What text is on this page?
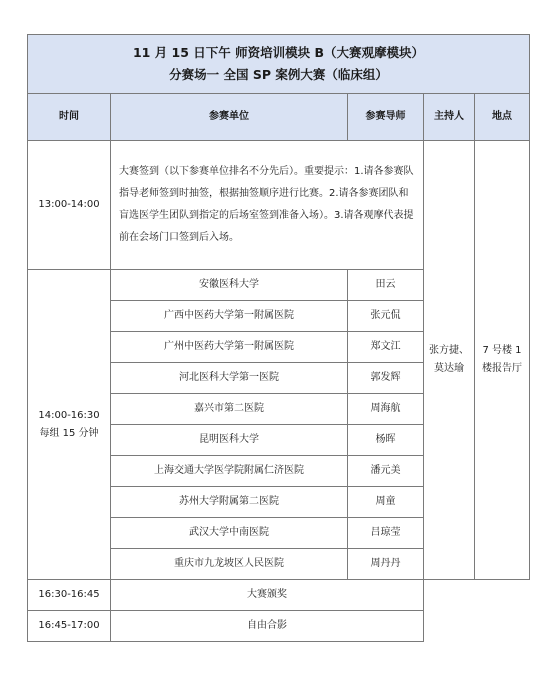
11 月 15 日下午 师资培训模块 B（大赛观摩模块）
分赛场一 全国 SP 案例大赛（临床组）				

时间	参赛单位	参赛导师	主持人	地点
13:00-14:00	大赛签到（以下参赛单位排名不分先后）。重要提示：1.请各参赛队指导老师签到时抽签，根据抽签顺序进行比赛。2.请各参赛团队和盲选医学生团队到指定的后场室签到准备入场）。3.请各观摩代表提前在会场门口签到后入场。		张方捷、莫达瑜	7 号楼 1 楼报告厅

14:00-16:30
每组 15 分钟	安徽医科大学	田云		
	广西中医药大学第一附属医院	张元侃		
	广州中医药大学第一附属医院	郑文江		
	河北医科大学第一医院	郭发辉		
	嘉兴市第二医院	周海航		
	昆明医科大学	杨晖		
	上海交通大学医学院附属仁济医院	潘元美		
	苏州大学附属第二医院	周童		
	武汉大学中南医院	吕琼莹		
	重庆市九龙坡区人民医院	周丹丹		
16:30-16:45	大赛颁奖			
16:45-17:00	自由合影			
